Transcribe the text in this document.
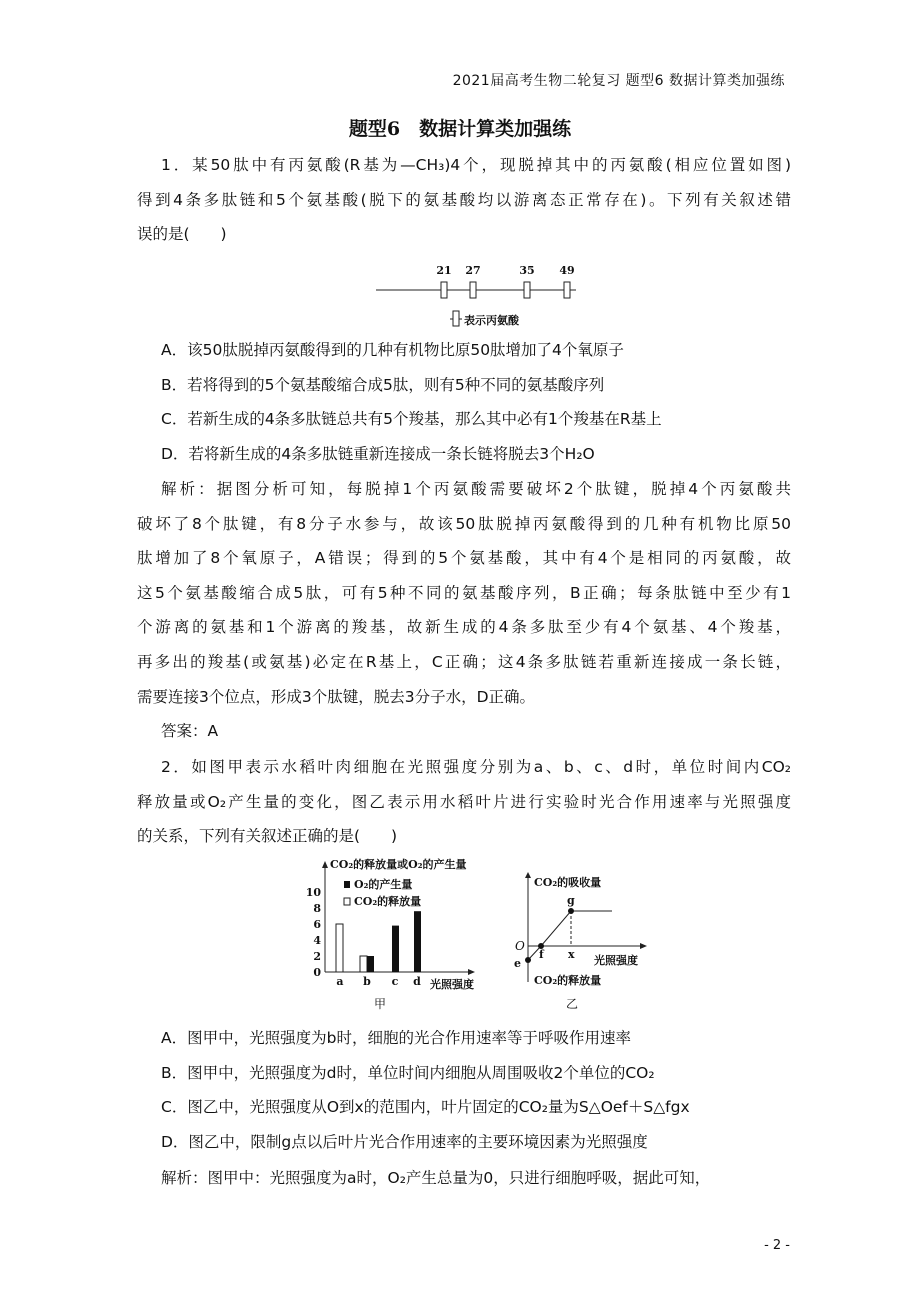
2021届高考生物二轮复习 题型6 数据计算类加强练
题型6　数据计算类加强练
1．某50肽中有丙氨酸(R基为—CH₃)4个，现脱掉其中的丙氨酸(相应位置如图)
得到4条多肽链和5个氨基酸(脱下的氨基酸均以游离态正常存在)。下列有关叙述错
误的是(　　)
21 27	35 49
表示丙氨酸
A．该50肽脱掉丙氨酸得到的几种有机物比原50肽增加了4个氧原子
B．若将得到的5个氨基酸缩合成5肽，则有5种不同的氨基酸序列
C．若新生成的4条多肽链总共有5个羧基，那么其中必有1个羧基在R基上
D．若将新生成的4条多肽链重新连接成一条长链将脱去3个H₂O
解析：据图分析可知，每脱掉1个丙氨酸需要破坏2个肽键，脱掉4个丙氨酸共
破坏了8个肽键，有8分子水参与，故该50肽脱掉丙氨酸得到的几种有机物比原50
肽增加了8个氧原子，A错误；得到的5个氨基酸，其中有4个是相同的丙氨酸，故
这5个氨基酸缩合成5肽，可有5种不同的氨基酸序列，B正确；每条肽链中至少有1
个游离的氨基和1个游离的羧基，故新生成的4条多肽至少有4个氨基、4个羧基，
再多出的羧基(或氨基)必定在R基上，C正确；这4条多肽链若重新连接成一条长链，
需要连接3个位点，形成3个肽键，脱去3分子水，D正确。
答案：A
2．如图甲表示水稻叶肉细胞在光照强度分别为a、b、c、d时，单位时间内CO₂
释放量或O₂产生量的变化，图乙表示用水稻叶片进行实验时光合作用速率与光照强度
的关系，下列有关叙述正确的是(　　)
CO₂的释放量或O₂的产生量
光照强度
0
2
4
6
8
10
a b c d
O₂的产生量
CO₂的释放量
甲
CO₂的吸收量
CO₂的释放量
光照强度
O
e
f
g
x
乙
A．图甲中，光照强度为b时，细胞的光合作用速率等于呼吸作用速率
B．图甲中，光照强度为d时，单位时间内细胞从周围吸收2个单位的CO₂
C．图乙中，光照强度从O到x的范围内，叶片固定的CO₂量为S△Oef＋S△fgx
D．图乙中，限制g点以后叶片光合作用速率的主要环境因素为光照强度
解析：图甲中：光照强度为a时，O₂产生总量为0，只进行细胞呼吸，据此可知，
- 2 -
